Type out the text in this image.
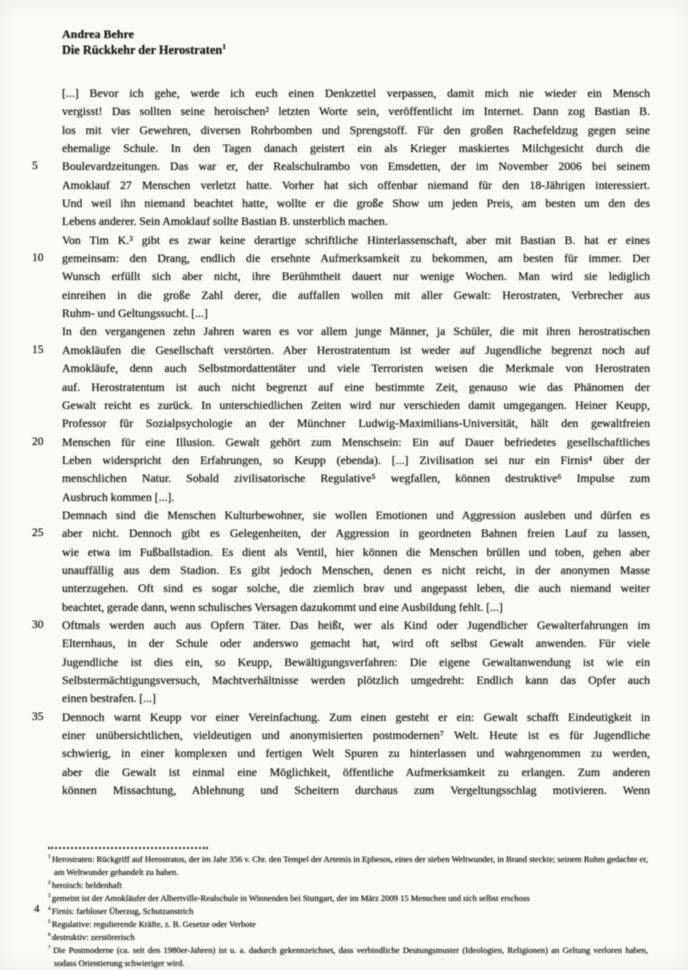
Andrea Behre
Die Rückkehr der Herostraten$^1$
[...] Bevor ich gehe, werde ich euch einen Denkzettel verpassen, damit mich nie wieder ein Mensch
vergisst! Das sollten seine heroischen² letzten Worte sein, veröffentlicht im Internet. Dann zog Bastian B.
los mit vier Gewehren, diversen Rohrbomben und Sprengstoff. Für den großen Rachefeldzug gegen seine
ehemalige Schule. In den Tagen danach geistert ein als Krieger maskiertes Milchgesicht durch die
5	Boulevardzeitungen. Das war er, der Realschulrambo von Emsdetten, der im November 2006 bei seinem
Amoklauf 27 Menschen verletzt hatte. Vorher hat sich offenbar niemand für den 18-Jährigen interessiert.
Und weil ihn niemand beachtet hatte, wollte er die große Show um jeden Preis, am besten um den des
Lebens anderer. Sein Amoklauf sollte Bastian B. unsterblich machen.
Von Tim K.³ gibt es zwar keine derartige schriftliche Hinterlassenschaft, aber mit Bastian B. hat er eines
10	gemeinsam: den Drang, endlich die ersehnte Aufmerksamkeit zu bekommen, am besten für immer. Der
Wunsch erfüllt sich aber nicht, ihre Berühmtheit dauert nur wenige Wochen. Man wird sie lediglich
einreihen in die große Zahl derer, die auffallen wollen mit aller Gewalt: Herostraten, Verbrecher aus
Ruhm- und Geltungssucht. [...]
In den vergangenen zehn Jahren waren es vor allem junge Männer, ja Schüler, die mit ihren herostratischen
15	Amokläufen die Gesellschaft verstörten. Aber Herostratentum ist weder auf Jugendliche begrenzt noch auf
Amokläufe, denn auch Selbstmordattentäter und viele Terroristen weisen die Merkmale von Herostraten
auf. Herostratentum ist auch nicht begrenzt auf eine bestimmte Zeit, genauso wie das Phänomen der
Gewalt reicht es zurück. In unterschiedlichen Zeiten wird nur verschieden damit umgegangen. Heiner Keupp,
Professor für Sozialpsychologie an der Münchner Ludwig-Maximilians-Universität, hält den gewaltfreien
20	Menschen für eine Illusion. Gewalt gehört zum Menschsein: Ein auf Dauer befriedetes gesellschaftliches
Leben widerspricht den Erfahrungen, so Keupp (ebenda). [...] Zivilisation sei nur ein Firnis⁴ über der
menschlichen Natur. Sobald zivilisatorische Regulative⁵ wegfallen, können destruktive⁶ Impulse zum
Ausbruch kommen [...].
Demnach sind die Menschen Kulturbewohner, sie wollen Emotionen und Aggression ausleben und dürfen es
25	aber nicht. Dennoch gibt es Gelegenheiten, der Aggression in geordneten Bahnen freien Lauf zu lassen,
wie etwa im Fußballstadion. Es dient als Ventil, hier können die Menschen brüllen und toben, gehen aber
unauffällig aus dem Stadion. Es gibt jedoch Menschen, denen es nicht reicht, in der anonymen Masse
unterzugehen. Oft sind es sogar solche, die ziemlich brav und angepasst leben, die auch niemand weiter
beachtet, gerade dann, wenn schulisches Versagen dazukommt und eine Ausbildung fehlt. [...]
30	Oftmals werden auch aus Opfern Täter. Das heißt, wer als Kind oder Jugendlicher Gewalterfahrungen im
Elternhaus, in der Schule oder anderswo gemacht hat, wird oft selbst Gewalt anwenden. Für viele
Jugendliche ist dies ein, so Keupp, Bewältigungsverfahren: Die eigene Gewaltanwendung ist wie ein
Selbstermächtigungsversuch, Machtverhältnisse werden plötzlich umgedreht: Endlich kann das Opfer auch
einen bestrafen. [...]
35	Dennoch warnt Keupp vor einer Vereinfachung. Zum einen gesteht er ein: Gewalt schafft Eindeutigkeit in
einer unübersichtlichen, vieldeutigen und anonymisierten postmodernen⁷ Welt. Heute ist es für Jugendliche
schwierig, in einer komplexen und fertigen Welt Spuren zu hinterlassen und wahrgenommen zu werden,
aber die Gewalt ist einmal eine Möglichkeit, öffentliche Aufmerksamkeit zu erlangen. Zum anderen
können Missachtung, Ablehnung und Scheitern durchaus zum Vergeltungsschlag motivieren. Wenn
4
$^1$ Herostraten: Rückgriff auf Herostratos, der im Jahr 356 v. Chr. den Tempel der Artemis in Ephesos, eines der sieben Weltwunder, in Brand steckte; seinem Ruhm gedachte er, am Weltwunder gehandelt zu haben.
$^2$ heroisch: heldenhaft
$^3$ gemeint ist der Amokläufer der Albertville-Realschule in Winnenden bei Stuttgart, der im März 2009 15 Menschen und sich selbst erschoss
$^4$ Firnis: farbloser Überzug, Schutzanstrich
$^5$ Regulative: regulierende Kräfte, z. B. Gesetze oder Verbote
$^6$ destruktiv: zerstörerisch
$^7$ Die Postmoderne (ca. seit den 1980er-Jahren) ist u. a. dadurch gekennzeichnet, dass verbindliche Deutungsmuster (Ideologien, Religionen) an Geltung verloren haben, sodass Orientierung schwieriger wird.
